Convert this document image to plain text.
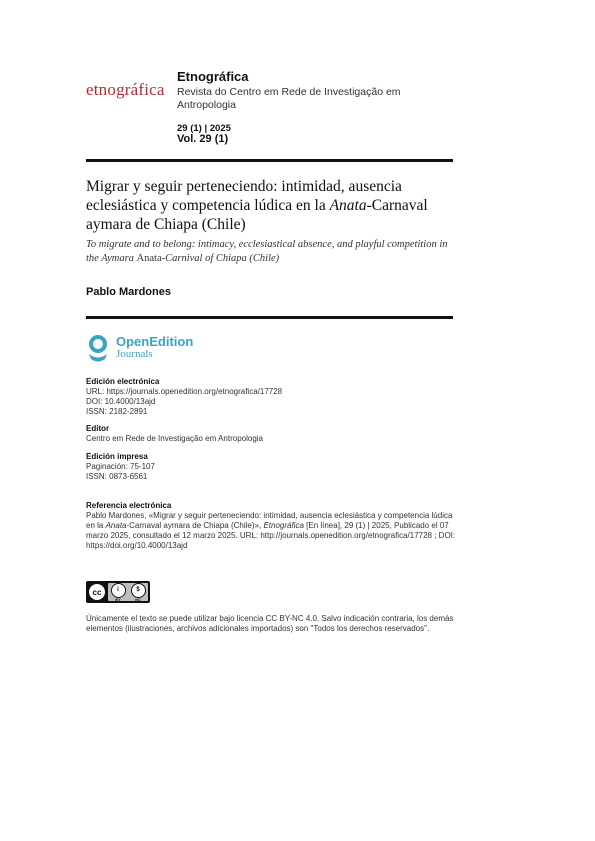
etnográfica
Etnográfica
Revista do Centro em Rede de Investigação em Antropologia
29 (1) | 2025
Vol. 29 (1)
Migrar y seguir perteneciendo: intimidad, ausencia eclesiástica y competencia lúdica en la Anata-Carnaval aymara de Chiapa (Chile)
To migrate and to belong: intimacy, ecclesiastical absence, and playful competition in the Aymara Anata-Carnival of Chiapa (Chile)
Pablo Mardones
OpenEdition
Journals
Edición electrónica
URL: https://journals.openedition.org/etnografica/17728
DOI: 10.4000/13ajd
ISSN: 2182-2891
Editor
Centro em Rede de Investigação em Antropologia
Edición impresa
Paginación: 75-107
ISSN: 0873-6561
Referencia electrónica
Pablo Mardones, «Migrar y seguir perteneciendo: intimidad, ausencia eclesiástica y competencia lúdica en la Anata-Carnaval aymara de Chiapa (Chile)», Etnográfica [En línea], 29 (1) | 2025, Publicado el 07 marzo 2025, consultado el 12 marzo 2025. URL: http://journals.openedition.org/etnografica/17728 ; DOI: https://doi.org/10.4000/13ajd
cc	i
BY
$
NC
Únicamente el texto se puede utilizar bajo licencia CC BY-NC 4.0. Salvo indicación contraria, los demás elementos (ilustraciones, archivos adicionales importados) son "Todos los derechos reservados".
